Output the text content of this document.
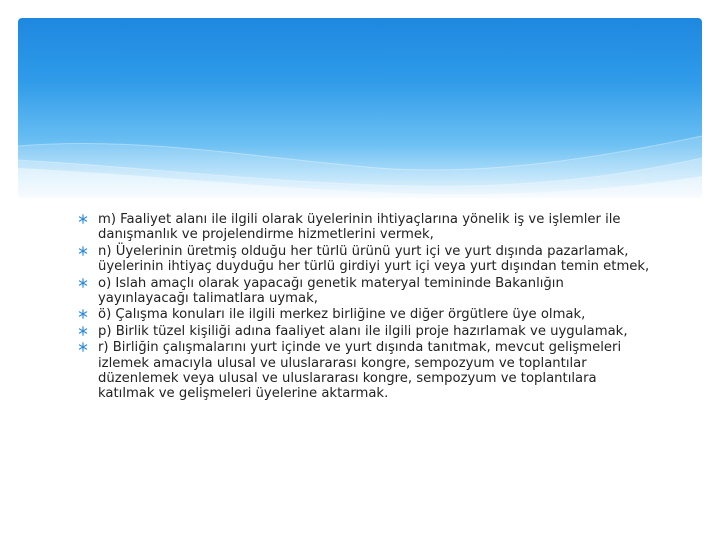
m) Faaliyet alanı ile ilgili olarak üyelerinin ihtiyaçlarına yönelik iş ve işlemler ile danışmanlık ve projelendirme hizmetlerini vermek,
n) Üyelerinin üretmiş olduğu her türlü ürünü yurt içi ve yurt dışında pazarlamak, üyelerinin ihtiyaç duyduğu her türlü girdiyi yurt içi veya yurt dışından temin etmek,
o) Islah amaçlı olarak yapacağı genetik materyal temininde Bakanlığın yayınlayacağı talimatlara uymak,
ö) Çalışma konuları ile ilgili merkez birliğine ve diğer örgütlere üye olmak,
p) Birlik tüzel kişiliği adına faaliyet alanı ile ilgili proje hazırlamak ve uygulamak,
r) Birliğin çalışmalarını yurt içinde ve yurt dışında tanıtmak, mevcut gelişmeleri izlemek amacıyla ulusal ve uluslararası kongre, sempozyum ve toplantılar düzenlemek veya ulusal ve uluslararası kongre, sempozyum ve toplantılara katılmak ve gelişmeleri üyelerine aktarmak.
